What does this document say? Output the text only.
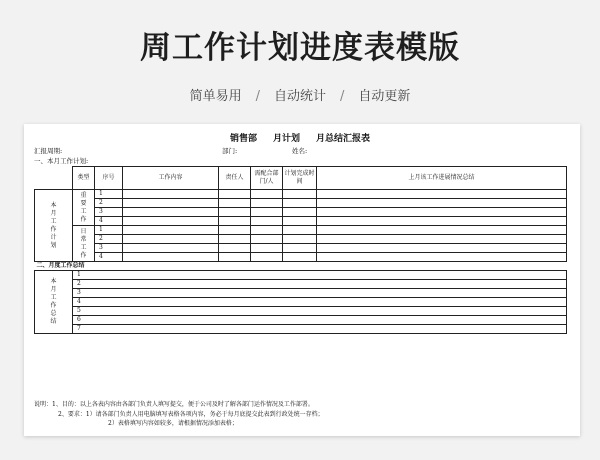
周工作计划进度表模版
简单易用 / 自动统计 / 自动更新
销售部 月计划 月总结汇报表
汇报周期:	部门:	姓名:
一、本月工作计划:
	类型	序号	工作内容	责任人	需配合部门/人	计划完成时间	上月该工作进展情况总结
本月工作计划	重要工作	1					
		2					
		3					
		4					
	日常工作	1					
		2					
		3					
		4					
二、月度工作总结							
本月工作总结	1						
	2						
	3						
	4						
	5						
	6						
	7						
说明：1、目的：以上各表内容由各部门负责人填写提交，便于公司及时了解各部门运作情况及工作部署。
2、要求：1）请各部门负责人用电脑填写表格各项内容，务必于每月底提交此表到行政处统一存档；
2）表格填写内容如较多，请根据情况添加表格；
